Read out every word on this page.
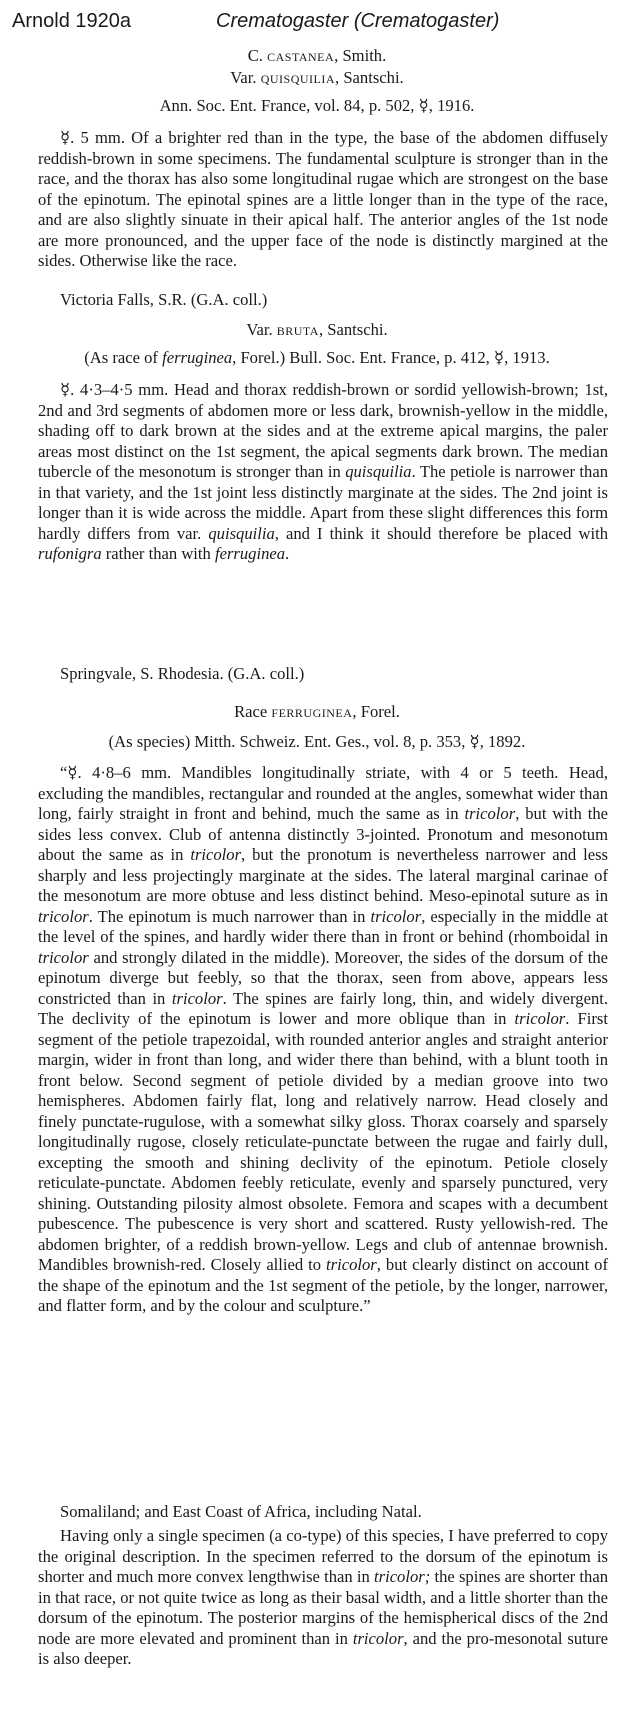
Arnold 1920a	Crematogaster (Crematogaster)
C. castanea, Smith.
Var. quisquilia, Santschi.
Ann. Soc. Ent. France, vol. 84, p. 502, ☿, 1916.
☿. 5 mm. Of a brighter red than in the type, the base of the abdomen diffusely reddish-brown in some specimens. The fundamental sculpture is stronger than in the race, and the thorax has also some longitudinal rugae which are strongest on the base of the epinotum. The epinotal spines are a little longer than in the type of the race, and are also slightly sinuate in their apical half. The anterior angles of the 1st node are more pronounced, and the upper face of the node is distinctly margined at the sides. Otherwise like the race.
Victoria Falls, S.R. (G.A. coll.)
Var. bruta, Santschi.
(As race of ferruginea, Forel.) Bull. Soc. Ent. France, p. 412, ☿, 1913.
☿. 4·3–4·5 mm. Head and thorax reddish-brown or sordid yellowish-brown; 1st, 2nd and 3rd segments of abdomen more or less dark, brownish-yellow in the middle, shading off to dark brown at the sides and at the extreme apical margins, the paler areas most distinct on the 1st segment, the apical segments dark brown. The median tubercle of the mesonotum is stronger than in quisquilia. The petiole is narrower than in that variety, and the 1st joint less distinctly marginate at the sides. The 2nd joint is longer than it is wide across the middle. Apart from these slight differences this form hardly differs from var. quisquilia, and I think it should therefore be placed with rufonigra rather than with ferruginea.
Springvale, S. Rhodesia. (G.A. coll.)
Race ferruginea, Forel.
(As species) Mitth. Schweiz. Ent. Ges., vol. 8, p. 353, ☿, 1892.
“☿. 4·8–6 mm. Mandibles longitudinally striate, with 4 or 5 teeth. Head, excluding the mandibles, rectangular and rounded at the angles, somewhat wider than long, fairly straight in front and behind, much the same as in tricolor, but with the sides less convex. Club of antenna distinctly 3-jointed. Pronotum and mesonotum about the same as in tricolor, but the pronotum is nevertheless narrower and less sharply and less projectingly marginate at the sides. The lateral marginal carinae of the mesonotum are more obtuse and less distinct behind. Meso-epinotal suture as in tricolor. The epinotum is much narrower than in tricolor, especially in the middle at the level of the spines, and hardly wider there than in front or behind (rhomboidal in tricolor and strongly dilated in the middle). Moreover, the sides of the dorsum of the epinotum diverge but feebly, so that the thorax, seen from above, appears less constricted than in tricolor. The spines are fairly long, thin, and widely divergent. The declivity of the epinotum is lower and more oblique than in tricolor. First segment of the petiole trapezoidal, with rounded anterior angles and straight anterior margin, wider in front than long, and wider there than behind, with a blunt tooth in front below. Second segment of petiole divided by a median groove into two hemispheres. Abdomen fairly flat, long and relatively narrow. Head closely and finely punctate-rugulose, with a somewhat silky gloss. Thorax coarsely and sparsely longitudinally rugose, closely reticulate-punctate between the rugae and fairly dull, excepting the smooth and shining declivity of the epinotum. Petiole closely reticulate-punctate. Abdomen feebly reticulate, evenly and sparsely punctured, very shining. Outstanding pilosity almost obsolete. Femora and scapes with a decumbent pubescence. The pubescence is very short and scattered. Rusty yellowish-red. The abdomen brighter, of a reddish brown-yellow. Legs and club of antennae brownish. Mandibles brownish-red. Closely allied to tricolor, but clearly distinct on account of the shape of the epinotum and the 1st segment of the petiole, by the longer, narrower, and flatter form, and by the colour and sculpture.”
Somaliland; and East Coast of Africa, including Natal.
Having only a single specimen (a co-type) of this species, I have preferred to copy the original description. In the specimen referred to the dorsum of the epinotum is shorter and much more convex lengthwise than in tricolor; the spines are shorter than in that race, or not quite twice as long as their basal width, and a little shorter than the dorsum of the epinotum. The posterior margins of the hemispherical discs of the 2nd node are more elevated and prominent than in tricolor, and the pro-mesonotal suture is also deeper.
